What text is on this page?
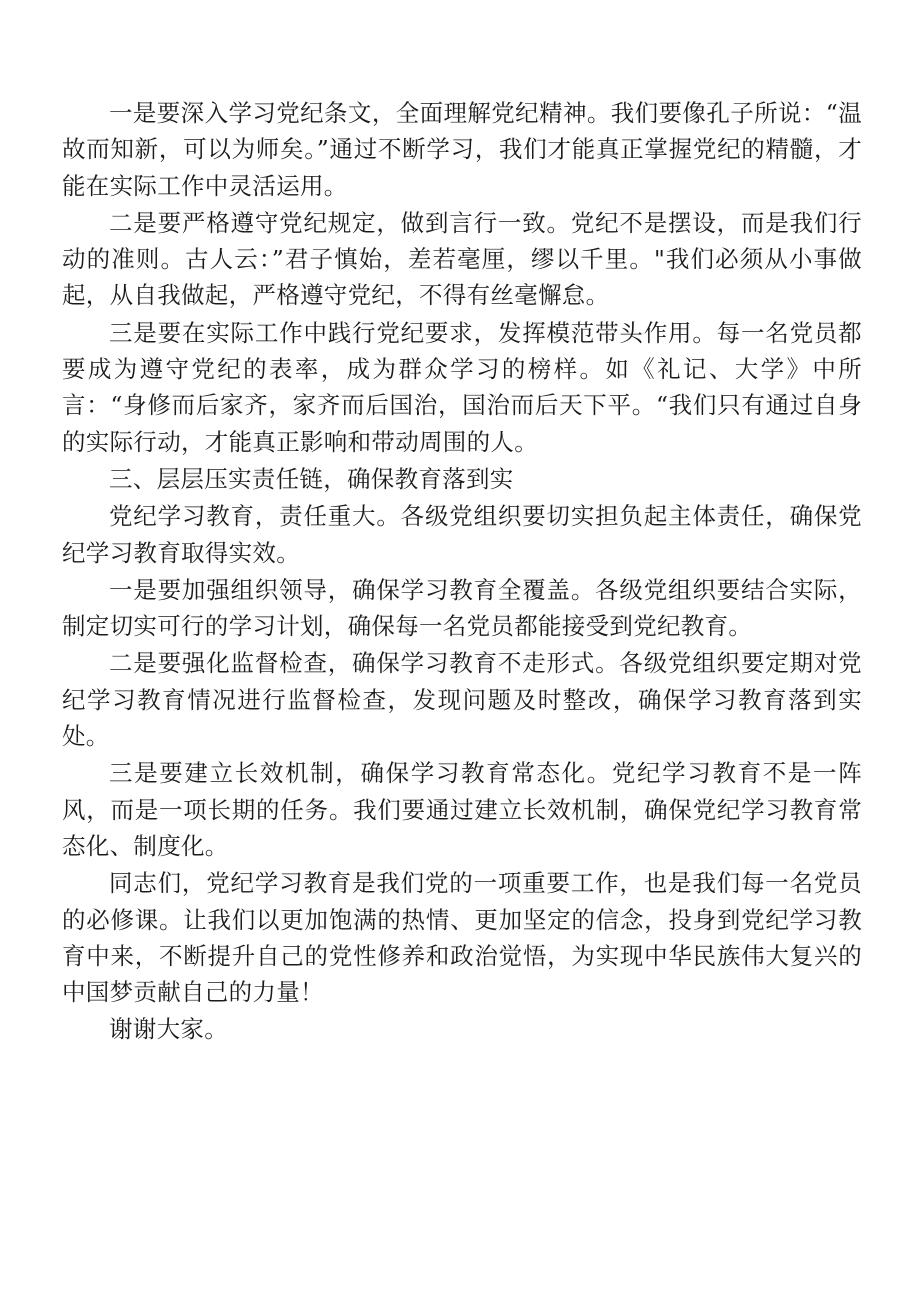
一是要深入学习党纪条文，全面理解党纪精神。我们要像孔子所说：“温故而知新，可以为师矣。”通过不断学习，我们才能真正掌握党纪的精髓，才能在实际工作中灵活运用。

二是要严格遵守党纪规定，做到言行一致。党纪不是摆设，而是我们行动的准则。古人云：”君子慎始，差若毫厘，缪以千里。"我们必须从小事做起，从自我做起，严格遵守党纪，不得有丝毫懈怠。

三是要在实际工作中践行党纪要求，发挥模范带头作用。每一名党员都要成为遵守党纪的表率，成为群众学习的榜样。如《礼记、大学》中所言：“身修而后家齐，家齐而后国治，国治而后天下平。“我们只有通过自身的实际行动，才能真正影响和带动周围的人。

三、层层压实责任链，确保教育落到实

党纪学习教育，责任重大。各级党组织要切实担负起主体责任，确保党纪学习教育取得实效。

一是要加强组织领导，确保学习教育全覆盖。各级党组织要结合实际，制定切实可行的学习计划，确保每一名党员都能接受到党纪教育。

二是要强化监督检查，确保学习教育不走形式。各级党组织要定期对党纪学习教育情况进行监督检查，发现问题及时整改，确保学习教育落到实处。

三是要建立长效机制，确保学习教育常态化。党纪学习教育不是一阵风，而是一项长期的任务。我们要通过建立长效机制，确保党纪学习教育常态化、制度化。

同志们，党纪学习教育是我们党的一项重要工作，也是我们每一名党员的必修课。让我们以更加饱满的热情、更加坚定的信念，投身到党纪学习教育中来，不断提升自己的党性修养和政治觉悟，为实现中华民族伟大复兴的中国梦贡献自己的力量！

谢谢大家。
